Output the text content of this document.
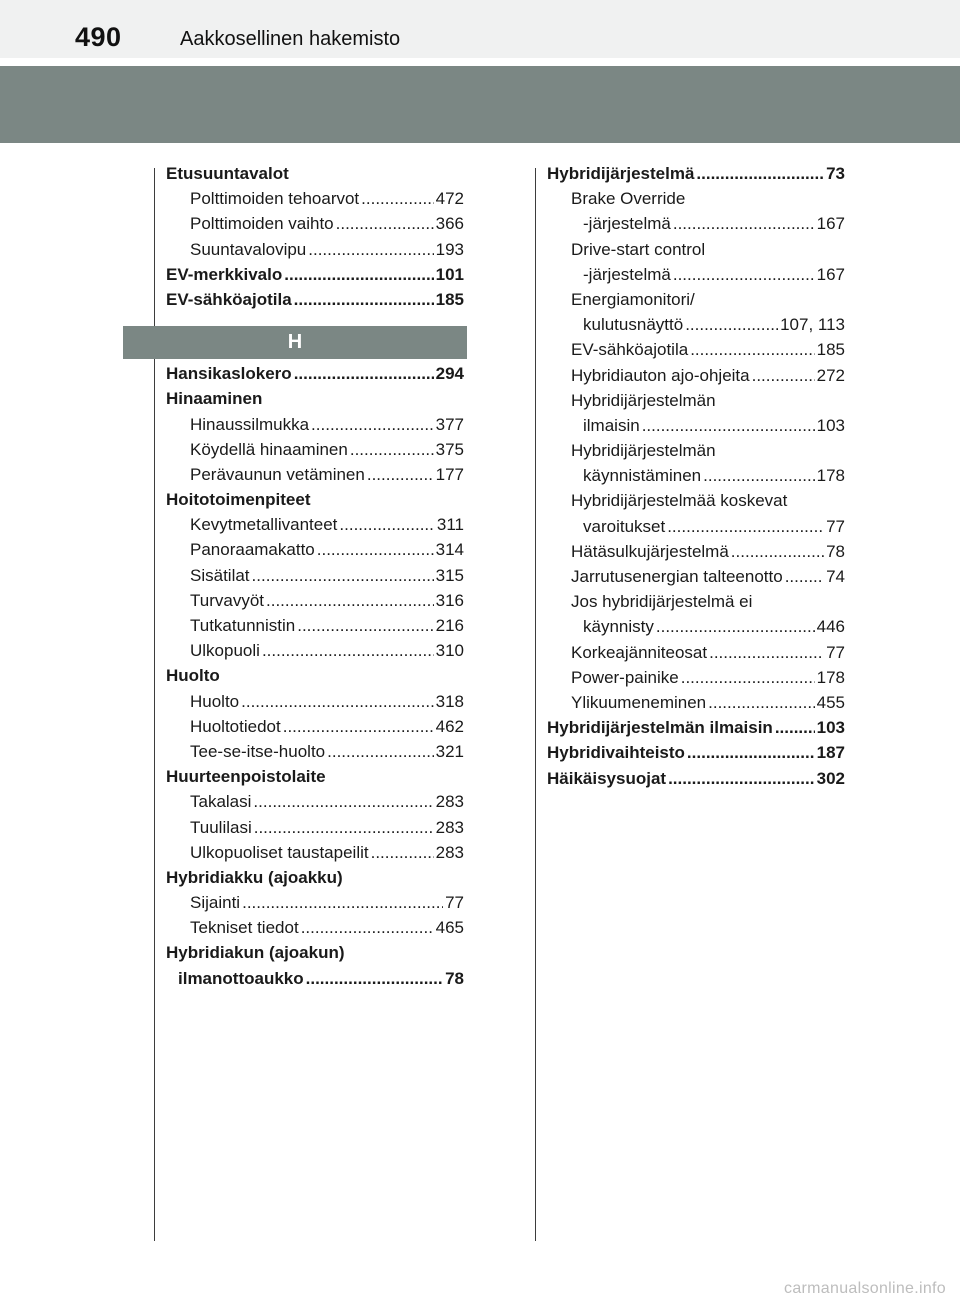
490	Aakkosellinen hakemisto
Etusuuntavalot
Polttimoiden tehoarvot .....	472
Polttimoiden vaihto .....	366
Suuntavalovipu .....	193
EV-merkkivalo .....	101
EV-sähköajotila .....	185
H
Hansikaslokero .....	294
Hinaaminen
Hinaussilmukka .....	377
Köydellä hinaaminen .....	375
Perävaunun vetäminen .....	177
Hoitotoimenpiteet
Kevytmetallivanteet .....	311
Panoraamakatto .....	314
Sisätilat .....	315
Turvavyöt .....	316
Tutkatunnistin .....	216
Ulkopuoli .....	310
Huolto
Huolto .....	318
Huoltotiedot .....	462
Tee-se-itse-huolto .....	321
Huurteenpoistolaite
Takalasi .....	283
Tuulilasi .....	283
Ulkopuoliset taustapeilit .....	283
Hybridiakku (ajoakku)
Sijainti .....	77
Tekniset tiedot .....	465
Hybridiakun (ajoakun)
ilmanottoaukko .....	78
Hybridijärjestelmä .....	73
Brake Override
-järjestelmä .....	167
Drive-start control
-järjestelmä .....	167
Energiamonitori/
kulutusnäyttö .....	107, 113
EV-sähköajotila .....	185
Hybridiauton ajo-ohjeita .....	272
Hybridijärjestelmän
ilmaisin .....	103
Hybridijärjestelmän
käynnistäminen .....	178
Hybridijärjestelmää koskevat
varoitukset .....	77
Hätäsulkujärjestelmä .....	78
Jarrutusenergian talteenotto .....	74
Jos hybridijärjestelmä ei
käynnisty .....	446
Korkeajänniteosat .....	77
Power-painike .....	178
Ylikuumeneminen .....	455
Hybridijärjestelmän ilmaisin .....	103
Hybridivaihteisto .....	187
Häikäisysuojat .....	302
carmanualsonline.info
